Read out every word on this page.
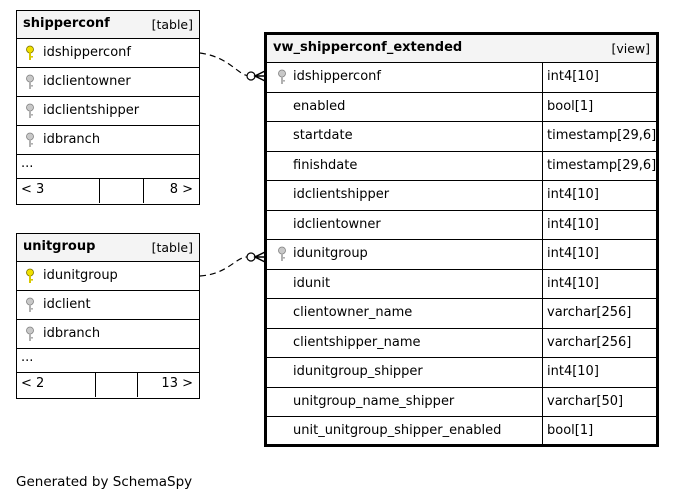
shipperconf	[table]
idshipperconf
idclientowner
idclientshipper
idbranch
...
< 3	8 >
unitgroup	[table]
idunitgroup
idclient
idbranch
...
< 2	13 >
vw_shipperconf_extended	[view]
idshipperconf	int4[10]
enabled	bool[1]
startdate	timestamp[29,6]
finishdate	timestamp[29,6]
idclientshipper	int4[10]
idclientowner	int4[10]
idunitgroup	int4[10]
idunit	int4[10]
clientowner_name	varchar[256]
clientshipper_name	varchar[256]
idunitgroup_shipper	int4[10]
unitgroup_name_shipper	varchar[50]
unit_unitgroup_shipper_enabled	bool[1]
Generated by SchemaSpy
